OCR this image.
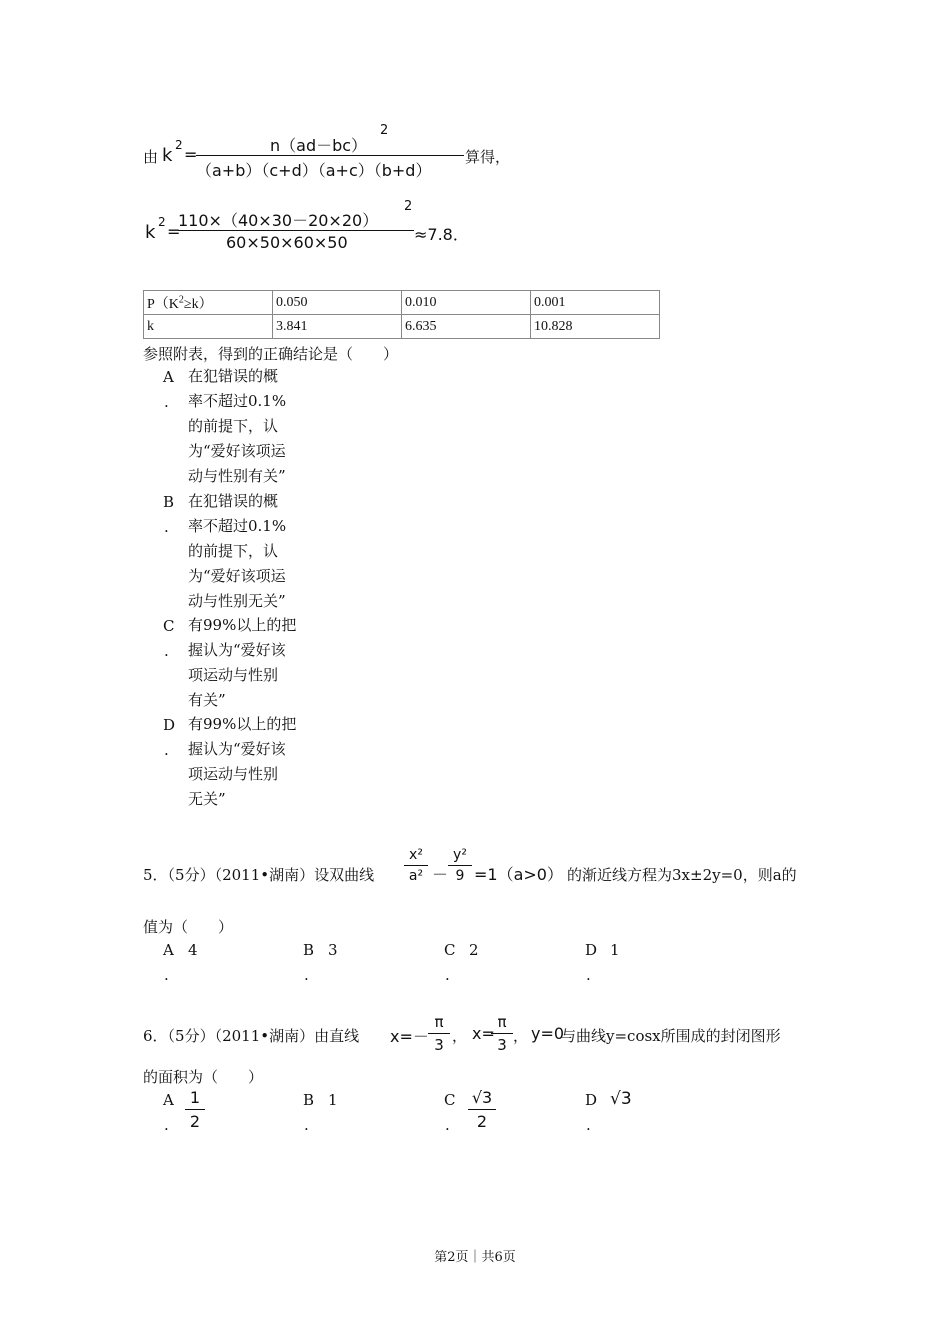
由 k 2 =	n（ad－bc）
2
（a+b）（c+d）（a+c）（b+d）
算得，
k 2 =
110×（40×30－20×20）
2
60×50×60×50	≈7.8．
$P(K^2\ge k)$	0.050	0.010	0.001
k	3.841	6.635	10.828
参照附表，得到的正确结论是（　　）
A
.
在犯错误的概
率不超过0.1%
的前提下，认
为“爱好该项运
动与性别有关”
B
.
在犯错误的概
率不超过0.1%
的前提下，认
为“爱好该项运
动与性别无关”
C
.
有99%以上的把
握认为“爱好该
项运动与性别
有关”
D
.
有99%以上的把
握认为“爱好该
项运动与性别
无关”
5．（5分）（2011•湖南）设双曲线
x²
a² －
y²
9 =1（a>0） 的渐近线方程为3x±2y=0，则a的
值为（　　）
A 4
.
B 3
.
C 2
.
D 1
.
6．（5分）（2011•湖南）由直线 x=－
π
3 ， x=
π
3 ， y=0
与曲线y=cosx所围成的封闭图形
的面积为（　　）
A	1
2
.
B 1
.
C √3
2
.
D √3
.
第2页｜共6页
